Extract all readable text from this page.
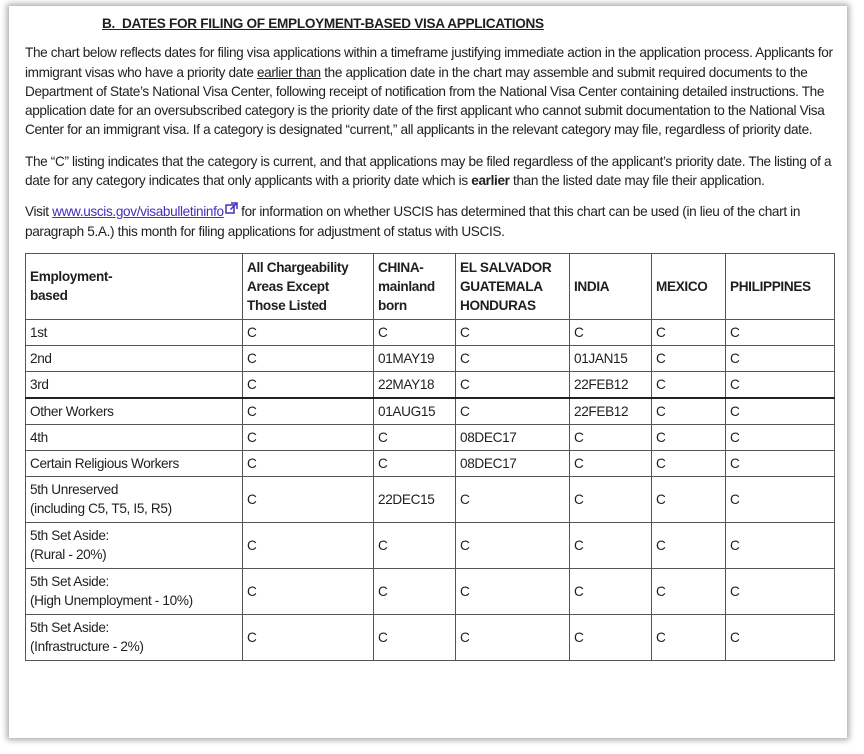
B. DATES FOR FILING OF EMPLOYMENT-BASED VISA APPLICATIONS

The chart below reflects dates for filing visa applications within a timeframe justifying immediate action in the application process. Applicants for immigrant visas who have a priority date earlier than the application date in the chart may assemble and submit required documents to the Department of State’s National Visa Center, following receipt of notification from the National Visa Center containing detailed instructions. The application date for an oversubscribed category is the priority date of the first applicant who cannot submit documentation to the National Visa Center for an immigrant visa. If a category is designated “current,” all applicants in the relevant category may file, regardless of priority date.

The “C” listing indicates that the category is current, and that applications may be filed regardless of the applicant’s priority date. The listing of a date for any category indicates that only applicants with a priority date which is earlier than the listed date may file their application.

Visit www.uscis.gov/visabulletininfo for information on whether USCIS has determined that this chart can be used (in lieu of the chart in paragraph 5.A.) this month for filing applications for adjustment of status with USCIS.

Employment-
based	All Chargeability
Areas Except
Those Listed	CHINA-
mainland
born	EL SALVADOR
GUATEMALA
HONDURAS	INDIA	MEXICO	PHILIPPINES
1st	C	C	C	C	C	C
2nd	C	01MAY19	C	01JAN15	C	C
3rd	C	22MAY18	C	22FEB12	C	C
Other Workers	C	01AUG15	C	22FEB12	C	C
4th	C	C	08DEC17	C	C	C
Certain Religious Workers	C	C	08DEC17	C	C	C
5th Unreserved
(including C5, T5, I5, R5)	C	22DEC15	C	C	C	C
5th Set Aside:
(Rural - 20%)	C	C	C	C	C	C
5th Set Aside:
(High Unemployment - 10%)	C	C	C	C	C	C
5th Set Aside:
(Infrastructure - 2%)	C	C	C	C	C	C
